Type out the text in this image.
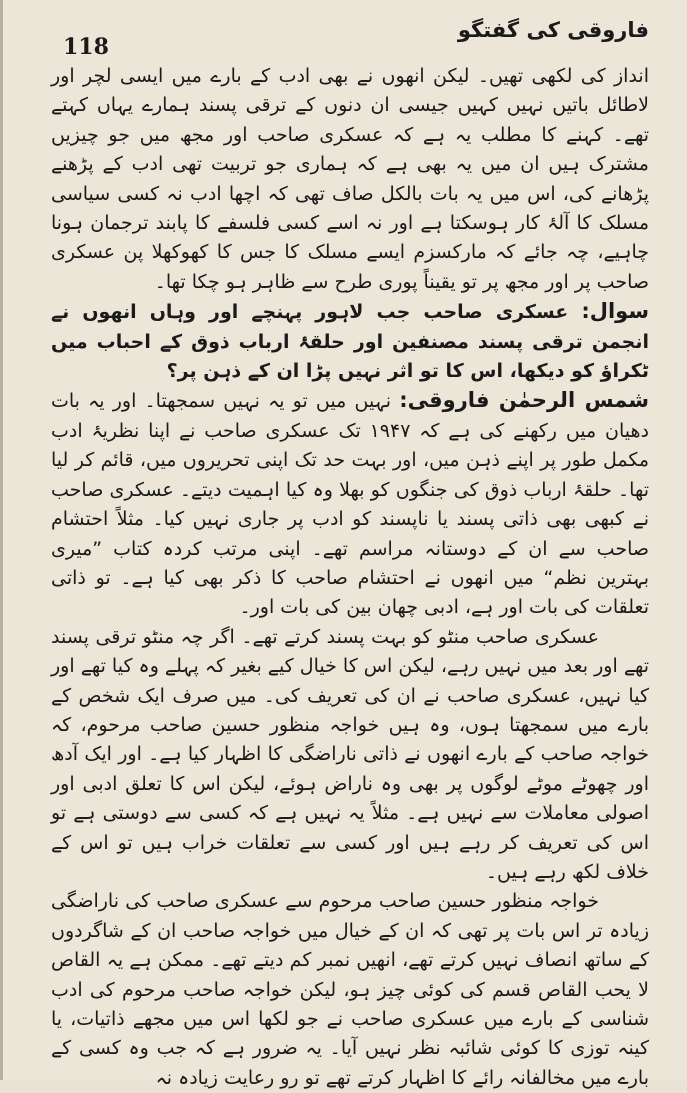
118
فاروقی کی گفتگو

انداز کی لکھی تھیں۔ لیکن انھوں نے بھی ادب کے بارے میں ایسی لچر اور لاطائل باتیں نہیں کہیں جیسی ان دنوں کے ترقی پسند ہمارے یہاں کہتے تھے۔ کہنے کا مطلب یہ ہے کہ عسکری صاحب اور مجھ میں جو چیزیں مشترک ہیں ان میں یہ بھی ہے کہ ہماری جو تربیت تھی ادب کے پڑھنے پڑھانے کی، اس میں یہ بات بالکل صاف تھی کہ اچھا ادب نہ کسی سیاسی مسلک کا آلۂ کار ہوسکتا ہے اور نہ اسے کسی فلسفے کا پابند ترجمان ہونا چاہیے، چہ جائے کہ مارکسزم ایسے مسلک کا جس کا کھوکھلا پن عسکری صاحب پر اور مجھ پر تو یقیناً پوری طرح سے ظاہر ہو چکا تھا۔

سوال: عسکری صاحب جب لاہور پہنچے اور وہاں انھوں نے انجمن ترقی پسند مصنفین اور حلقۂ ارباب ذوق کے احباب میں ٹکراؤ کو دیکھا، اس کا تو اثر نہیں پڑا ان کے ذہن پر؟

شمس الرحمٰن فاروقی: نہیں میں تو یہ نہیں سمجھتا۔ اور یہ بات دھیان میں رکھنے کی ہے کہ ۱۹۴۷ تک عسکری صاحب نے اپنا نظریۂ ادب مکمل طور پر اپنے ذہن میں، اور بہت حد تک اپنی تحریروں میں، قائم کر لیا تھا۔ حلقۂ ارباب ذوق کی جنگوں کو بھلا وہ کیا اہمیت دیتے۔ عسکری صاحب نے کبھی بھی ذاتی پسند یا ناپسند کو ادب پر جاری نہیں کیا۔ مثلاً احتشام صاحب سے ان کے دوستانہ مراسم تھے۔ اپنی مرتب کردہ کتاب ”میری بہترین نظم“ میں انھوں نے احتشام صاحب کا ذکر بھی کیا ہے۔ تو ذاتی تعلقات کی بات اور ہے، ادبی چھان بین کی بات اور۔

عسکری صاحب منٹو کو بہت پسند کرتے تھے۔ اگر چہ منٹو ترقی پسند تھے اور بعد میں نہیں رہے، لیکن اس کا خیال کیے بغیر کہ پہلے وہ کیا تھے اور کیا نہیں، عسکری صاحب نے ان کی تعریف کی۔ میں صرف ایک شخص کے بارے میں سمجھتا ہوں، وہ ہیں خواجہ منظور حسین صاحب مرحوم، کہ خواجہ صاحب کے بارے انھوں نے ذاتی ناراضگی کا اظہار کیا ہے۔ اور ایک آدھ اور چھوٹے موٹے لوگوں پر بھی وہ ناراض ہوئے، لیکن اس کا تعلق ادبی اور اصولی معاملات سے نہیں ہے۔ مثلاً یہ نہیں ہے کہ کسی سے دوستی ہے تو اس کی تعریف کر رہے ہیں اور کسی سے تعلقات خراب ہیں تو اس کے خلاف لکھ رہے ہیں۔

خواجہ منظور حسین صاحب مرحوم سے عسکری صاحب کی ناراضگی زیادہ تر اس بات پر تھی کہ ان کے خیال میں خواجہ صاحب ان کے شاگردوں کے ساتھ انصاف نہیں کرتے تھے، انھیں نمبر کم دیتے تھے۔ ممکن ہے یہ القاص لا یحب القاص قسم کی کوئی چیز ہو، لیکن خواجہ صاحب مرحوم کی ادب شناسی کے بارے میں عسکری صاحب نے جو لکھا اس میں مجھے ذاتیات، یا کینہ توزی کا کوئی شائبہ نظر نہیں آیا۔ یہ ضرور ہے کہ جب وہ کسی کے بارے میں مخالفانہ رائے کا اظہار کرتے تھے تو رو رعایت زیادہ نہ
